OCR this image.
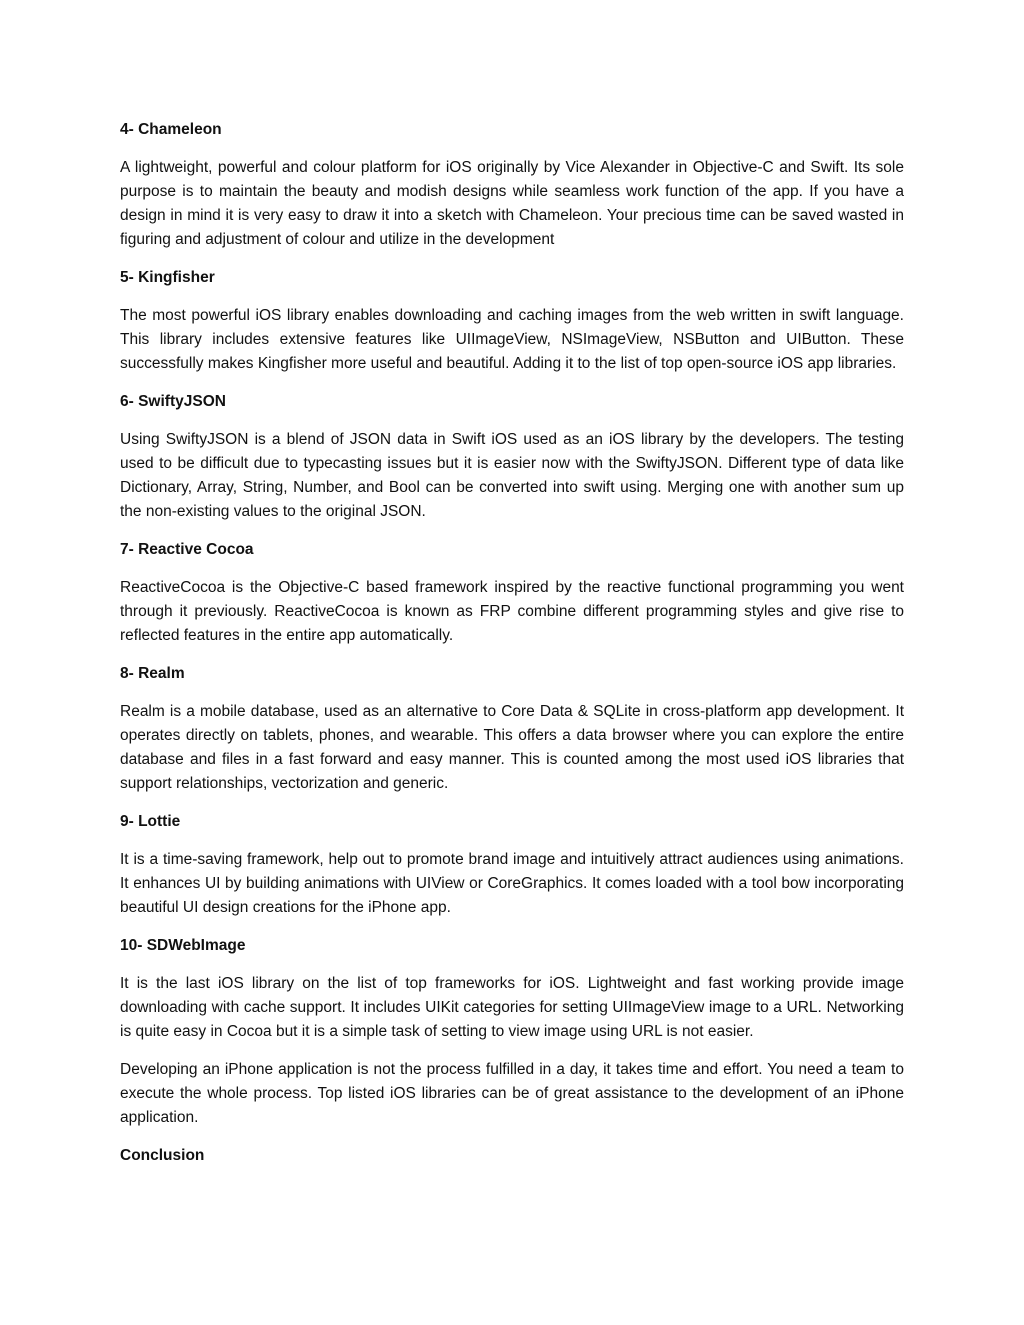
4- Chameleon

A lightweight, powerful and colour platform for iOS originally by Vice Alexander in Objective-C and Swift. Its sole purpose is to maintain the beauty and modish designs while seamless work function of the app. If you have a design in mind it is very easy to draw it into a sketch with Chameleon. Your precious time can be saved wasted in figuring and adjustment of colour and utilize in the development

5- Kingfisher

The most powerful iOS library enables downloading and caching images from the web written in swift language. This library includes extensive features like UIImageView, NSImageView, NSButton and UIButton. These successfully makes Kingfisher more useful and beautiful. Adding it to the list of top open-source iOS app libraries.

6- SwiftyJSON

Using SwiftyJSON is a blend of JSON data in Swift iOS used as an iOS library by the developers. The testing used to be difficult due to typecasting issues but it is easier now with the SwiftyJSON. Different type of data like Dictionary, Array, String, Number, and Bool can be converted into swift using. Merging one with another sum up the non-existing values to the original JSON.

7- Reactive Cocoa

ReactiveCocoa is the Objective-C based framework inspired by the reactive functional programming you went through it previously. ReactiveCocoa is known as FRP combine different programming styles and give rise to reflected features in the entire app automatically.

8- Realm

Realm is a mobile database, used as an alternative to Core Data & SQLite in cross-platform app development. It operates directly on tablets, phones, and wearable. This offers a data browser where you can explore the entire database and files in a fast forward and easy manner. This is counted among the most used iOS libraries that support relationships, vectorization and generic.

9- Lottie

It is a time-saving framework, help out to promote brand image and intuitively attract audiences using animations. It enhances UI by building animations with UIView or CoreGraphics. It comes loaded with a tool bow incorporating beautiful UI design creations for the iPhone app.

10- SDWebImage

It is the last iOS library on the list of top frameworks for iOS. Lightweight and fast working provide image downloading with cache support. It includes UIKit categories for setting UIImageView image to a URL. Networking is quite easy in Cocoa but it is a simple task of setting to view image using URL is not easier.

Developing an iPhone application is not the process fulfilled in a day, it takes time and effort. You need a team to execute the whole process. Top listed iOS libraries can be of great assistance to the development of an iPhone application.

Conclusion
